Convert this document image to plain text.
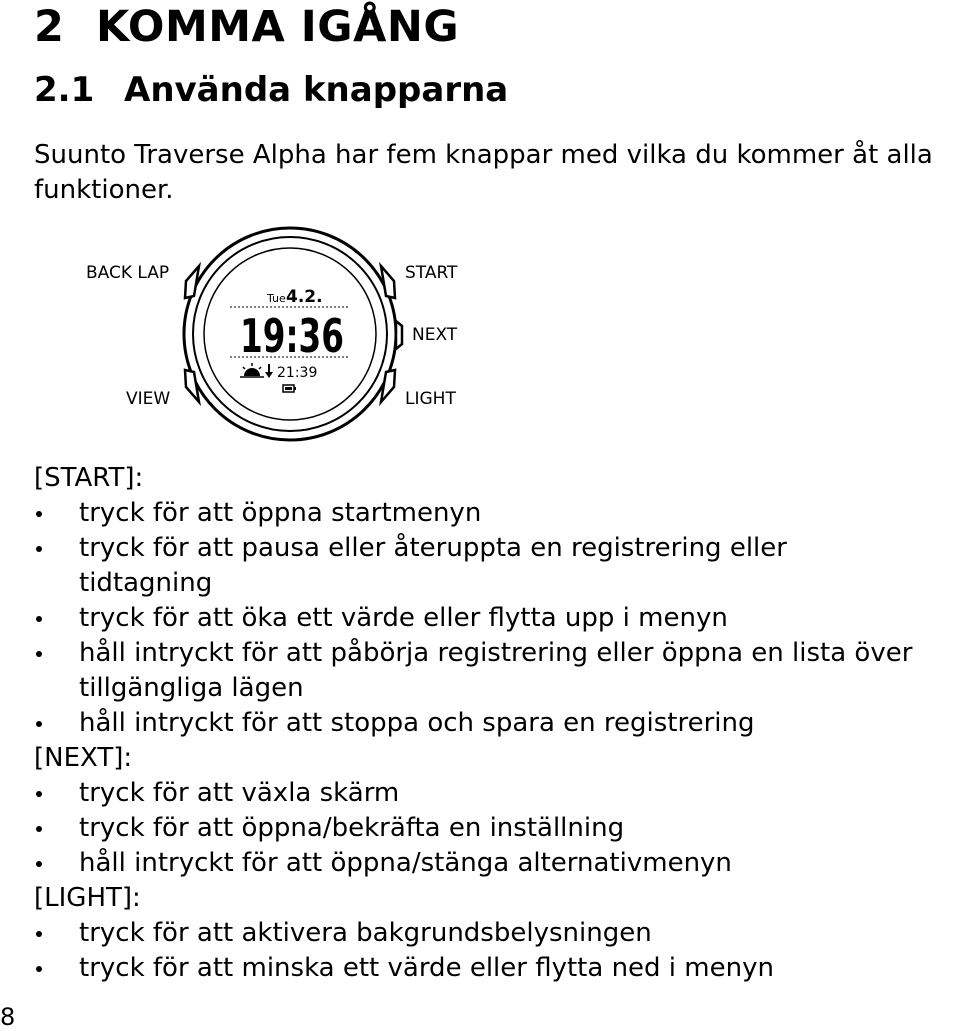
2 KOMMA IGÅNG
2.1 Använda knapparna

Suunto Traverse Alpha har fem knappar med vilka du kommer åt alla funktioner.

Tue 4.2.
19:36
21:39
BACK LAP	START
NEXT
VIEW	LIGHT

[START]:

tryck för att öppna startmenyn
tryck för att pausa eller återuppta en registrering eller
tidtagning
tryck för att öka ett värde eller flytta upp i menyn
håll intryckt för att påbörja registrering eller öppna en lista över
tillgängliga lägen
håll intryckt för att stoppa och spara en registrering

[NEXT]:

tryck för att växla skärm
tryck för att öppna/bekräfta en inställning
håll intryckt för att öppna/stänga alternativmenyn

[LIGHT]:

tryck för att aktivera bakgrundsbelysningen
tryck för att minska ett värde eller flytta ned i menyn
8
